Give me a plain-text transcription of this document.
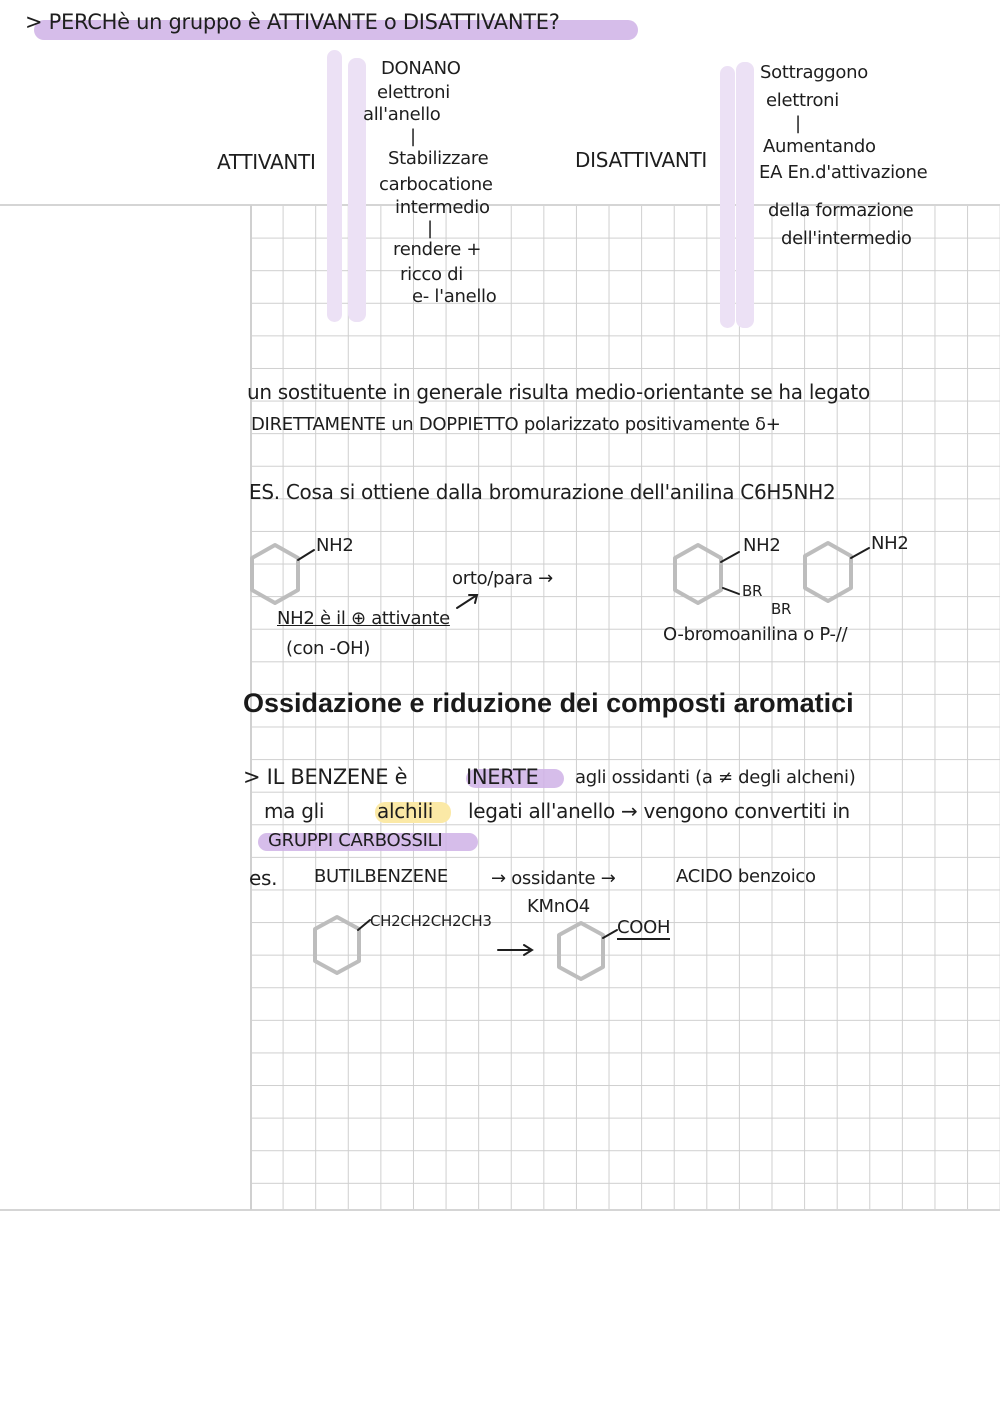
> PERCHè un gruppo è ATTIVANTE o DISATTIVANTE?
ATTIVANTI
DONANO
elettroni
all'anello
|
Stabilizzare
carbocatione
intermedio
|
rendere +
ricco di
e- l'anello
DISATTIVANTI
Sottraggono
elettroni
|
Aumentando
EA En.d'attivazione
della formazione
dell'intermedio
un sostituente in generale risulta medio-orientante se ha legato
DIRETTAMENTE un DOPPIETTO polarizzato positivamente δ+
ES. Cosa si ottiene dalla bromurazione dell'anilina C6H5NH2
NH2
orto/para →
NH2 è il ⊕ attivante
(con -OH)
NH2
BR
NH2
BR
O-bromoanilina o P-//
Ossidazione e riduzione dei composti aromatici
> IL BENZENE è	INERTE agli ossidanti (a ≠ degli alcheni)
ma gli	alchili legati all'anello → vengono convertiti in
GRUPPI CARBOSSILI
es. BUTILBENZENE → ossidante →	ACIDO benzoico
KMnO4
CH2CH2CH2CH3	COOH
